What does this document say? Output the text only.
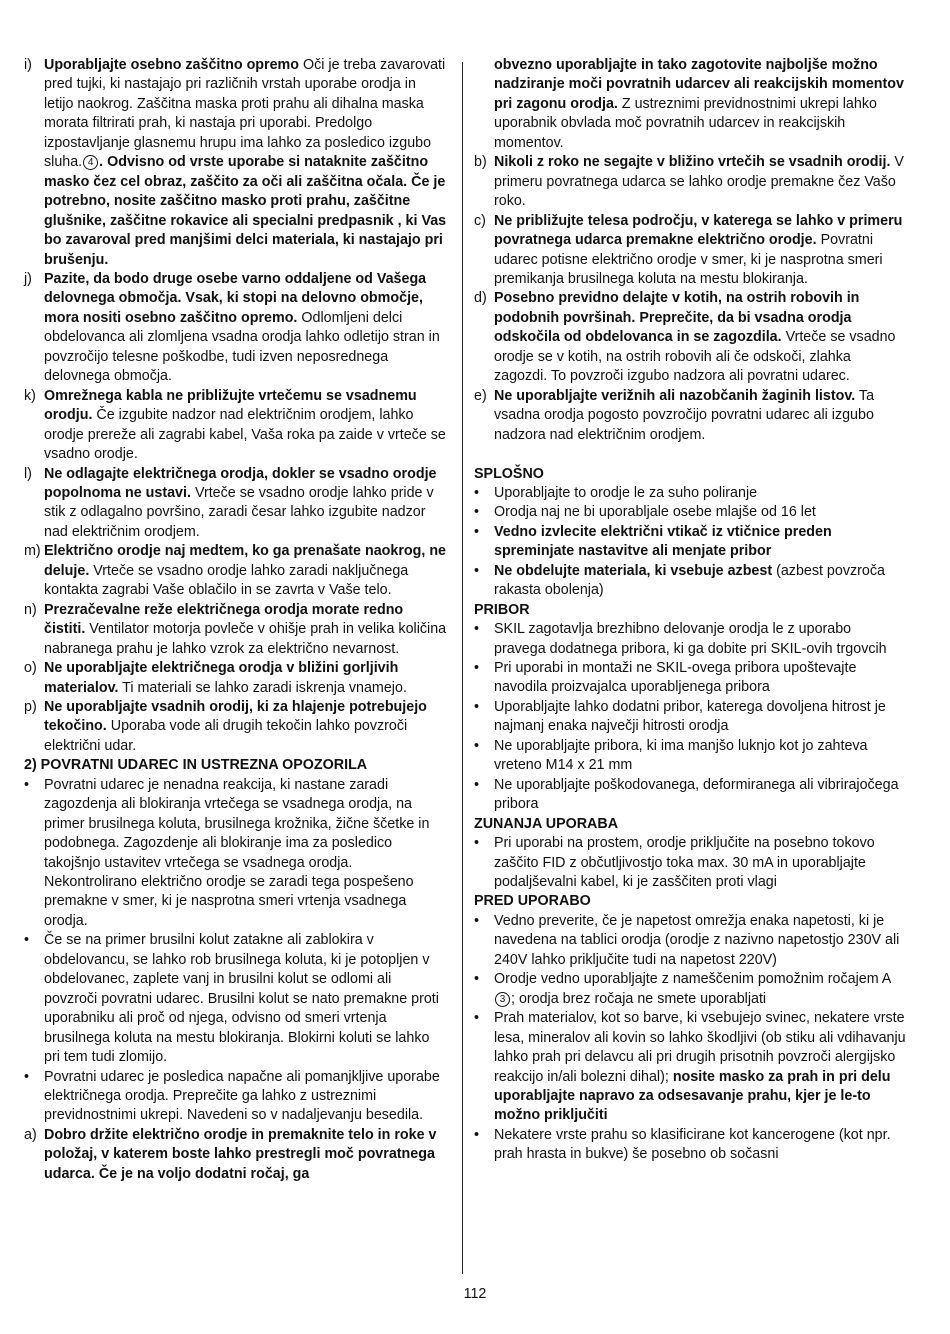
i) Uporabljajte osebno zaščitno opremo Oči je treba zavarovati pred tujki, ki nastajajo pri različnih vrstah uporabe orodja in letijo naokrog. Zaščitna maska proti prahu ali dihalna maska morata filtrirati prah, ki nastaja pri uporabi. Predolgo izpostavljanje glasnemu hrupu ima lahko za posledico izgubo sluha. 4 . Odvisno od vrste uporabe si nataknite zaščitno masko čez cel obraz, zaščito za oči ali zaščitna očala. Če je potrebno, nosite zaščitno masko proti prahu, zaščitne glušnike, zaščitne rokavice ali specialni predpasnik , ki Vas bo zavaroval pred manjšimi delci materiala, ki nastajajo pri brušenju.
j) Pazite, da bodo druge osebe varno oddaljene od Vašega delovnega območja. Vsak, ki stopi na delovno območje, mora nositi osebno zaščitno opremo. Odlomljeni delci obdelovanca ali zlomljena vsadna orodja lahko odletijo stran in povzročijo telesne poškodbe, tudi izven neposrednega delovnega območja.
k) Omrežnega kabla ne približujte vrtečemu se vsadnemu orodju. Če izgubite nadzor nad električnim orodjem, lahko orodje prereže ali zagrabi kabel, Vaša roka pa zaide v vrteče se vsadno orodje.
l) Ne odlagajte električnega orodja, dokler se vsadno orodje popolnoma ne ustavi. Vrteče se vsadno orodje lahko pride v stik z odlagalno površino, zaradi česar lahko izgubite nadzor nad električnim orodjem.
m) Električno orodje naj medtem, ko ga prenašate naokrog, ne deluje. Vrteče se vsadno orodje lahko zaradi naključnega kontakta zagrabi Vaše oblačilo in se zavrta v Vaše telo.
n) Prezračevalne reže električnega orodja morate redno čistiti. Ventilator motorja povleče v ohišje prah in velika količina nabranega prahu je lahko vzrok za električno nevarnost.
o) Ne uporabljajte električnega orodja v bližini gorljivih materialov. Ti materiali se lahko zaradi iskrenja vnamejo.
p) Ne uporabljajte vsadnih orodij, ki za hlajenje potrebujejo tekočino. Uporaba vode ali drugih tekočin lahko povzroči električni udar.
2) POVRATNI UDAREC IN USTREZNA OPOZORILA
• Povratni udarec je nenadna reakcija, ki nastane zaradi zagozdenja ali blokiranja vrtečega se vsadnega orodja, na primer brusilnega koluta, brusilnega krožnika, žične ščetke in podobnega. Zagozdenje ali blokiranje ima za posledico takojšnjo ustavitev vrtečega se vsadnega orodja. Nekontrolirano električno orodje se zaradi tega pospešeno premakne v smer, ki je nasprotna smeri vrtenja vsadnega orodja.
• Če se na primer brusilni kolut zatakne ali zablokira v obdelovancu, se lahko rob brusilnega koluta, ki je potopljen v obdelovanec, zaplete vanj in brusilni kolut se odlomi ali povzroči povratni udarec. Brusilni kolut se nato premakne proti uporabniku ali proč od njega, odvisno od smeri vrtenja brusilnega koluta na mestu blokiranja. Blokirni koluti se lahko pri tem tudi zlomijo.
• Povratni udarec je posledica napačne ali pomanjkljive uporabe električnega orodja. Preprečite ga lahko z ustreznimi previdnostnimi ukrepi. Navedeni so v nadaljevanju besedila.
a) Dobro držite električno orodje in premaknite telo in roke v položaj, v katerem boste lahko prestregli moč povratnega udarca. Če je na voljo dodatni ročaj, ga
obvezno uporabljajte in tako zagotovite najboljše možno nadziranje moči povratnih udarcev ali reakcijskih momentov pri zagonu orodja. Z ustreznimi previdnostnimi ukrepi lahko uporabnik obvlada moč povratnih udarcev in reakcijskih momentov.
b) Nikoli z roko ne segajte v bližino vrtečih se vsadnih orodij. V primeru povratnega udarca se lahko orodje premakne čez Vašo roko.
c) Ne približujte telesa področju, v katerega se lahko v primeru povratnega udarca premakne električno orodje. Povratni udarec potisne električno orodje v smer, ki je nasprotna smeri premikanja brusilnega koluta na mestu blokiranja.
d) Posebno previdno delajte v kotih, na ostrih robovih in podobnih površinah. Preprečite, da bi vsadna orodja odskočila od obdelovanca in se zagozdila. Vrteče se vsadno orodje se v kotih, na ostrih robovih ali če odskoči, zlahka zagozdi. To povzroči izgubo nadzora ali povratni udarec.
e) Ne uporabljajte verižnih ali nazobčanih žaginih listov. Ta vsadna orodja pogosto povzročijo povratni udarec ali izgubo nadzora nad električnim orodjem.
SPLOŠNO
• Uporabljajte to orodje le za suho poliranje
• Orodja naj ne bi uporabljale osebe mlajše od 16 let
• Vedno izvlecite električni vtikač iz vtičnice preden spreminjate nastavitve ali menjate pribor
• Ne obdelujte materiala, ki vsebuje azbest (azbest povzroča rakasta obolenja)
PRIBOR
• SKIL zagotavlja brezhibno delovanje orodja le z uporabo pravega dodatnega pribora, ki ga dobite pri SKIL-ovih trgovcih
• Pri uporabi in montaži ne SKIL-ovega pribora upoštevajte navodila proizvajalca uporabljenega pribora
• Uporabljajte lahko dodatni pribor, katerega dovoljena hitrost je najmanj enaka največji hitrosti orodja
• Ne uporabljajte pribora, ki ima manjšo luknjo kot jo zahteva vreteno M14 x 21 mm
• Ne uporabljajte poškodovanega, deformiranega ali vibrirajočega pribora
ZUNANJA UPORABA
• Pri uporabi na prostem, orodje priključite na posebno tokovo zaščito FID z občutljivostjo toka max. 30 mA in uporabljajte podaljševalni kabel, ki je zasščiten proti vlagi
PRED UPORABO
• Vedno preverite, če je napetost omrežja enaka napetosti, ki je navedena na tablici orodja (orodje z nazivno napetostjo 230V ali 240V lahko priključite tudi na napetost 220V)
• Orodje vedno uporabljajte z nameščenim pomožnim ročajem A3 ; orodja brez ročaja ne smete uporabljati
• Prah materialov, kot so barve, ki vsebujejo svinec, nekatere vrste lesa, mineralov ali kovin so lahko škodljivi (ob stiku ali vdihavanju lahko prah pri delavcu ali pri drugih prisotnih povzroči alergijsko reakcijo in/ali bolezni dihal); nosite masko za prah in pri delu uporabljajte napravo za odsesavanje prahu, kjer je le-to možno priključiti
• Nekatere vrste prahu so klasificirane kot kancerogene (kot npr. prah hrasta in bukve) še posebno ob sočasni
112
